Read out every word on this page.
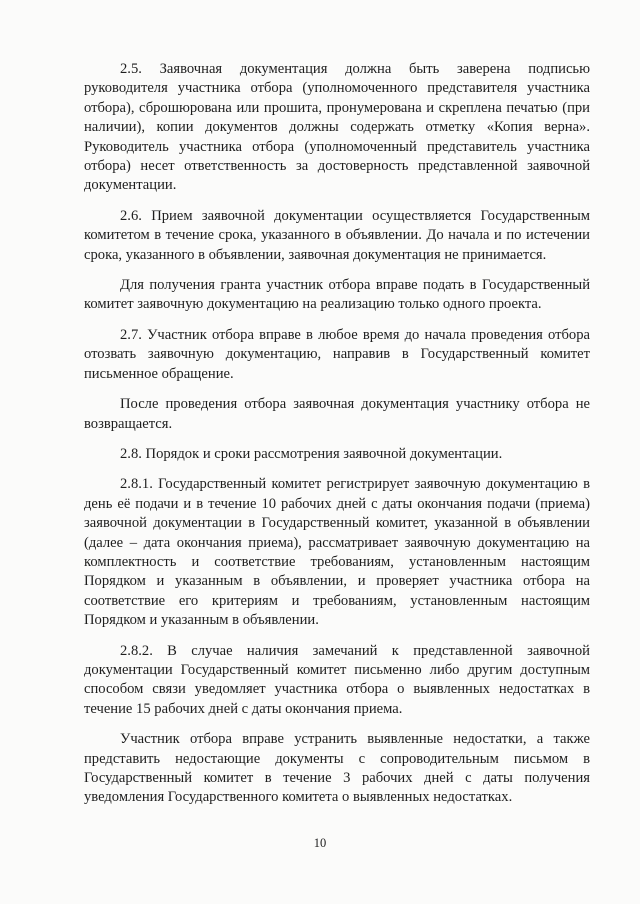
2.5. Заявочная документация должна быть заверена подписью руководителя участника отбора (уполномоченного представителя участника отбора), сброшюрована или прошита, пронумерована и скреплена печатью (при наличии), копии документов должны содержать отметку «Копия верна». Руководитель участника отбора (уполномоченный представитель участника отбора) несет ответственность за достоверность представленной заявочной документации.

2.6. Прием заявочной документации осуществляется Государственным комитетом в течение срока, указанного в объявлении. До начала и по истечении срока, указанного в объявлении, заявочная документация не принимается.

Для получения гранта участник отбора вправе подать в Государственный комитет заявочную документацию на реализацию только одного проекта.

2.7. Участник отбора вправе в любое время до начала проведения отбора отозвать заявочную документацию, направив в Государственный комитет письменное обращение.

После проведения отбора заявочная документация участнику отбора не возвращается.

2.8. Порядок и сроки рассмотрения заявочной документации.

2.8.1. Государственный комитет регистрирует заявочную документацию в день её подачи и в течение 10 рабочих дней с даты окончания подачи (приема) заявочной документации в Государственный комитет, указанной в объявлении (далее – дата окончания приема), рассматривает заявочную документацию на комплектность и соответствие требованиям, установленным настоящим Порядком и указанным в объявлении, и проверяет участника отбора на соответствие его критериям и требованиям, установленным настоящим Порядком и указанным в объявлении.

2.8.2. В случае наличия замечаний к представленной заявочной документации Государственный комитет письменно либо другим доступным способом связи уведомляет участника отбора о выявленных недостатках в течение 15 рабочих дней с даты окончания приема.

Участник отбора вправе устранить выявленные недостатки, а также представить недостающие документы с сопроводительным письмом в Государственный комитет в течение 3 рабочих дней с даты получения уведомления Государственного комитета о выявленных недостатках.

10
